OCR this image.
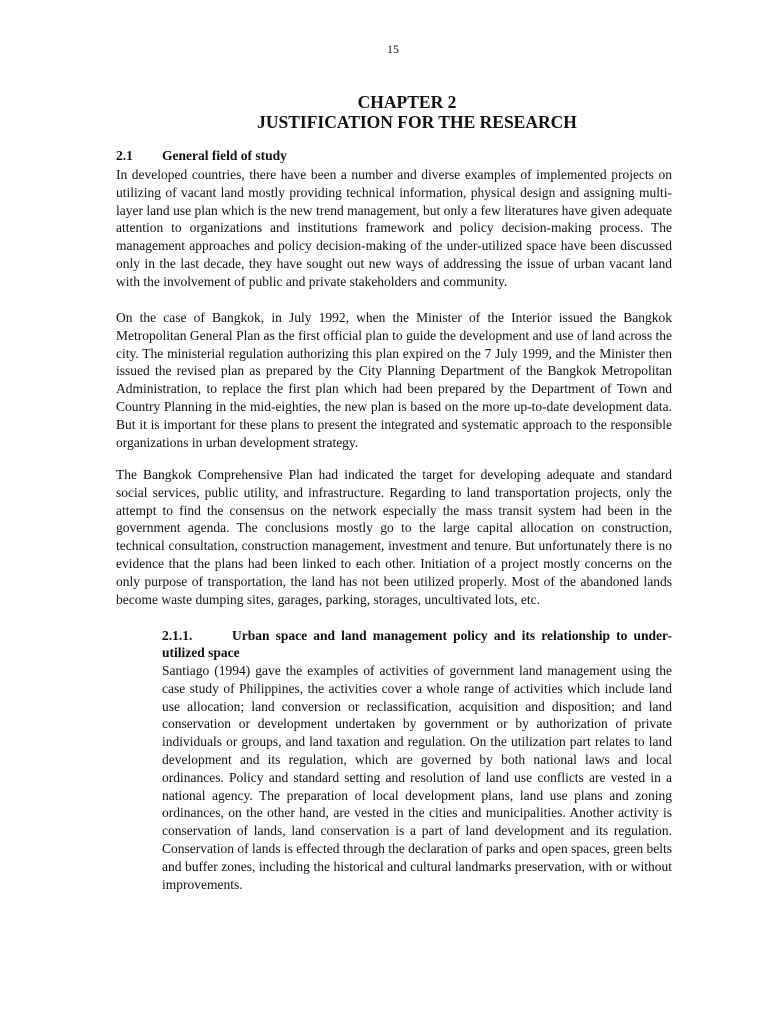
15
CHAPTER 2
JUSTIFICATION FOR THE RESEARCH
2.1 General field of study

In developed countries, there have been a number and diverse examples of implemented projects on utilizing of vacant land mostly providing technical information, physical design and assigning multi-layer land use plan which is the new trend management, but only a few literatures have given adequate attention to organizations and institutions framework and policy decision-making process. The management approaches and policy decision-making of the under-utilized space have been discussed only in the last decade, they have sought out new ways of addressing the issue of urban vacant land with the involvement of public and private stakeholders and community.

On the case of Bangkok, in July 1992, when the Minister of the Interior issued the Bangkok Metropolitan General Plan as the first official plan to guide the development and use of land across the city. The ministerial regulation authorizing this plan expired on the 7 July 1999, and the Minister then issued the revised plan as prepared by the City Planning Department of the Bangkok Metropolitan Administration, to replace the first plan which had been prepared by the Department of Town and Country Planning in the mid-eighties, the new plan is based on the more up-to-date development data. But it is important for these plans to present the integrated and systematic approach to the responsible organizations in urban development strategy.

The Bangkok Comprehensive Plan had indicated the target for developing adequate and standard social services, public utility, and infrastructure. Regarding to land transportation projects, only the attempt to find the consensus on the network especially the mass transit system had been in the government agenda. The conclusions mostly go to the large capital allocation on construction, technical consultation, construction management, investment and tenure. But unfortunately there is no evidence that the plans had been linked to each other. Initiation of a project mostly concerns on the only purpose of transportation, the land has not been utilized properly. Most of the abandoned lands become waste dumping sites, garages, parking, storages, uncultivated lots, etc.

2.1.1.	Urban space and land management policy and its relationship to under-utilized space

Santiago (1994) gave the examples of activities of government land management using the case study of Philippines, the activities cover a whole range of activities which include land use allocation; land conversion or reclassification, acquisition and disposition; and land conservation or development undertaken by government or by authorization of private individuals or groups, and land taxation and regulation. On the utilization part relates to land development and its regulation, which are governed by both national laws and local ordinances. Policy and standard setting and resolution of land use conflicts are vested in a national agency. The preparation of local development plans, land use plans and zoning ordinances, on the other hand, are vested in the cities and municipalities. Another activity is conservation of lands, land conservation is a part of land development and its regulation. Conservation of lands is effected through the declaration of parks and open spaces, green belts and buffer zones, including the historical and cultural landmarks preservation, with or without improvements.
